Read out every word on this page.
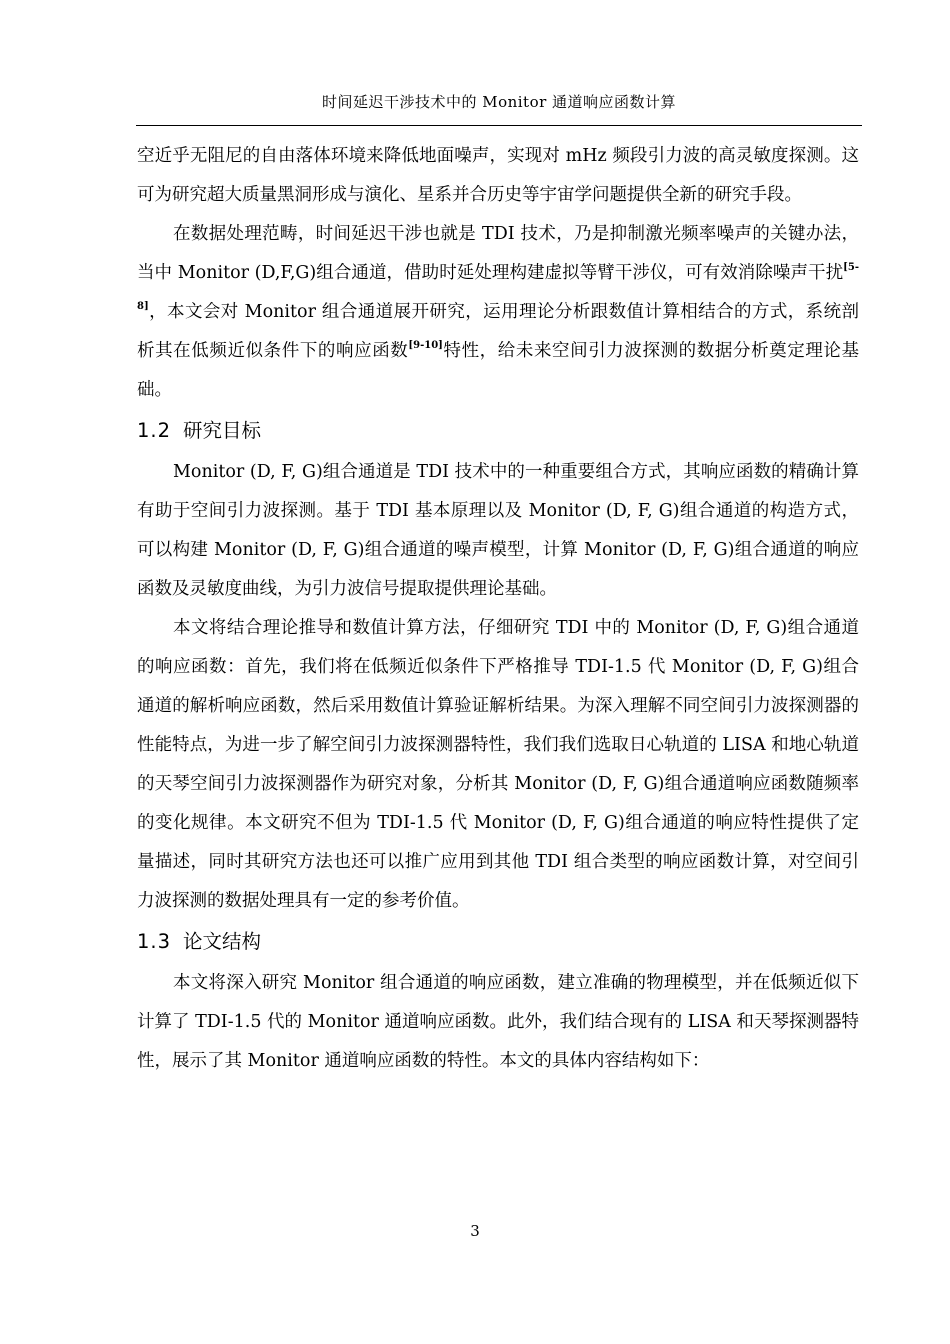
时间延迟干涉技术中的 Monitor 通道响应函数计算

空近乎无阻尼的自由落体环境来降低地面噪声，实现对 mHz 频段引力波的高灵敏度探测。这可为研究超大质量黑洞形成与演化、星系并合历史等宇宙学问题提供全新的研究手段。

在数据处理范畴，时间延迟干涉也就是 TDI 技术，乃是抑制激光频率噪声的关键办法，当中 Monitor (D,F,G)组合通道，借助时延处理构建虚拟等臂干涉仪，可有效消除噪声干扰[5-8]，本文会对 Monitor 组合通道展开研究，运用理论分析跟数值计算相结合的方式，系统剖析其在低频近似条件下的响应函数[9-10]特性，给未来空间引力波探测的数据分析奠定理论基础。

1.2 研究目标

Monitor (D, F, G)组合通道是 TDI 技术中的一种重要组合方式，其响应函数的精确计算有助于空间引力波探测。基于 TDI 基本原理以及 Monitor (D, F, G)组合通道的构造方式，可以构建 Monitor (D, F, G)组合通道的噪声模型，计算 Monitor (D, F, G)组合通道的响应函数及灵敏度曲线，为引力波信号提取提供理论基础。

本文将结合理论推导和数值计算方法，仔细研究 TDI 中的 Monitor (D, F, G)组合通道的响应函数：首先，我们将在低频近似条件下严格推导 TDI-1.5 代 Monitor (D, F, G)组合通道的解析响应函数，然后采用数值计算验证解析结果。为深入理解不同空间引力波探测器的性能特点，为进一步了解空间引力波探测器特性，我们我们选取日心轨道的 LISA 和地心轨道的天琴空间引力波探测器作为研究对象，分析其 Monitor (D, F, G)组合通道响应函数随频率的变化规律。本文研究不但为 TDI-1.5 代 Monitor (D, F, G)组合通道的响应特性提供了定量描述，同时其研究方法也还可以推广应用到其他 TDI 组合类型的响应函数计算，对空间引力波探测的数据处理具有一定的参考价值。

1.3 论文结构

本文将深入研究 Monitor 组合通道的响应函数，建立准确的物理模型，并在低频近似下计算了 TDI-1.5 代的 Monitor 通道响应函数。此外，我们结合现有的 LISA 和天琴探测器特性，展示了其 Monitor 通道响应函数的特性。本文的具体内容结构如下：

3
